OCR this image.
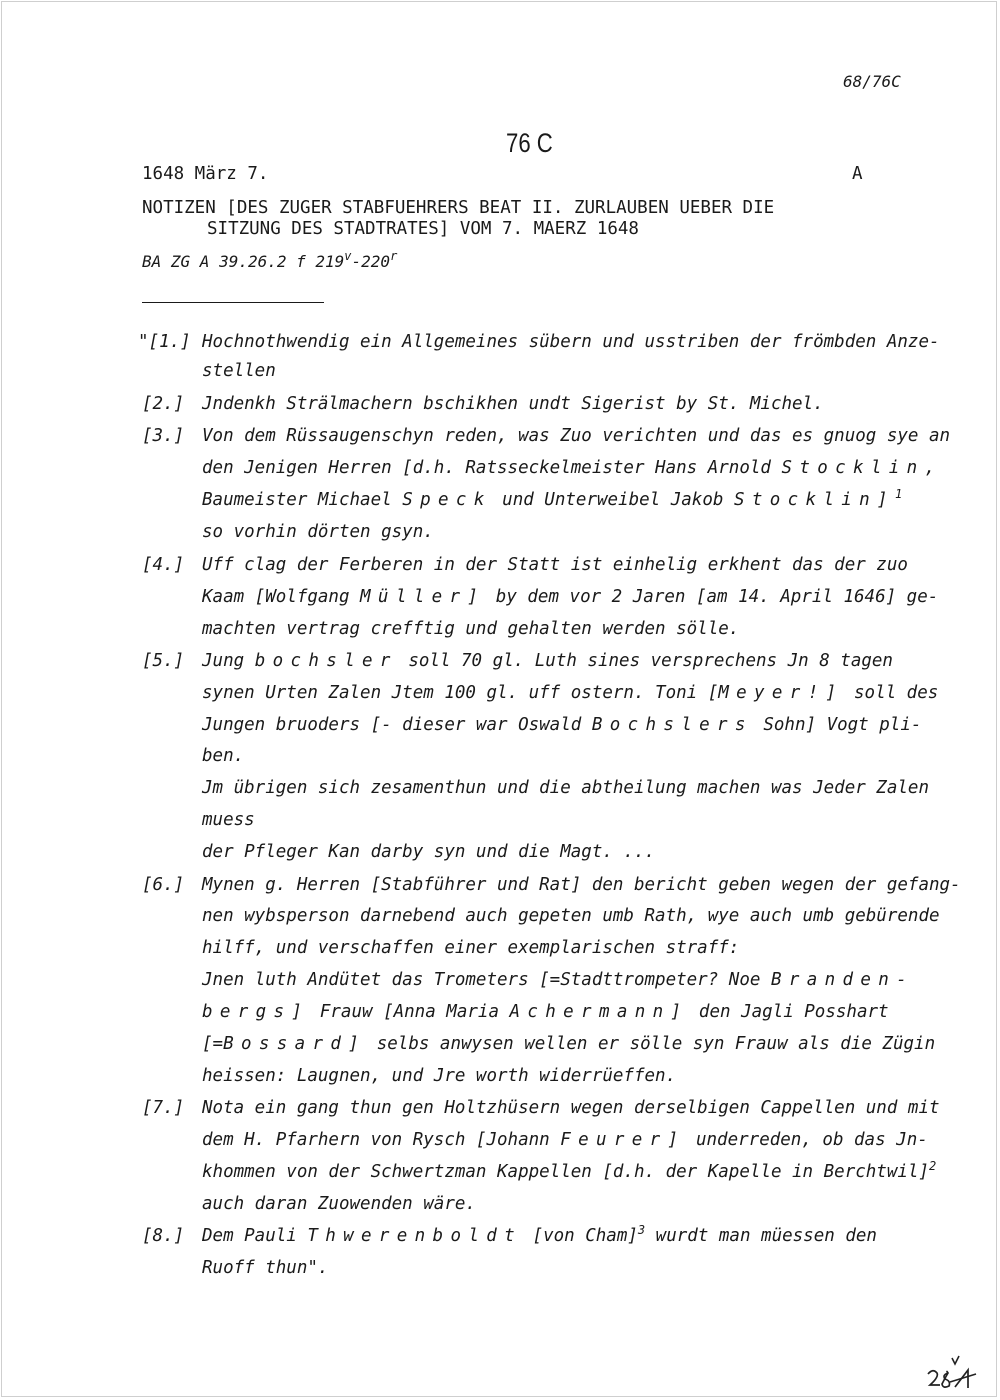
68/76C
76 C
1648 März 7.	A
NOTIZEN [DES ZUGER STABFUEHRERS BEAT II. ZURLAUBEN UEBER DIE
SITZUNG DES STADTRATES] VOM 7. MAERZ 1648
BA ZG A 39.26.2 f 219$^v$-220$^r$
"[1.] Hochnothwendig ein Allgemeines sübern und usstriben der frömbden Anze-
stellen
[2.] Jndenkh Strälmachern bschikhen undt Sigerist by St. Michel.
[3.] Von dem Rüssaugenschyn reden, was Zuo verichten und das es gnuog sye an
den Jenigen Herren [d.h. Ratsseckelmeister Hans Arnold Stocklin,
Baumeister Michael Speck und Unterweibel Jakob Stocklin]$^1$
so vorhin dörten gsyn.
[4.] Uff clag der Ferberen in der Statt ist einhelig erkhent das der zuo
Kaam [Wolfgang Müller] by dem vor 2 Jaren [am 14. April 1646] ge-
machten vertrag crefftig und gehalten werden sölle.
[5.] Jung bochsler soll 70 gl. Luth sines versprechens Jn 8 tagen
synen Urten Zalen Jtem 100 gl. uff ostern. Toni [Meyer!] soll des
Jungen bruoders [- dieser war Oswald Bochslers Sohn] Vogt pli-
ben.
Jm übrigen sich zesamenthun und die abtheilung machen was Jeder Zalen
muess
der Pfleger Kan darby syn und die Magt. ...
[6.] Mynen g. Herren [Stabführer und Rat] den bericht geben wegen der gefang-
nen wybsperson darnebend auch gepeten umb Rath, wye auch umb gebürende
hilff, und verschaffen einer exemplarischen straff:
Jnen luth Andütet das Trometers [=Stadttrompeter? Noe Branden-
bergs] Frauw [Anna Maria Achermann] den Jagli Posshart
[=Bossard] selbs anwysen wellen er sölle syn Frauw als die Zügin
heissen: Laugnen, und Jre worth widerrüeffen.
[7.] Nota ein gang thun gen Holtzhüsern wegen derselbigen Cappellen und mit
dem H. Pfarhern von Rysch [Johann Feurer] underreden, ob das Jn-
khommen von der Schwertzman Kappellen [d.h. der Kapelle in Berchtwil]$^2$
auch daran Zuowenden wäre.
[8.] Dem Pauli Thwerenboldt [von Cham]$^3$ wurdt man müessen den
Ruoff thun".
